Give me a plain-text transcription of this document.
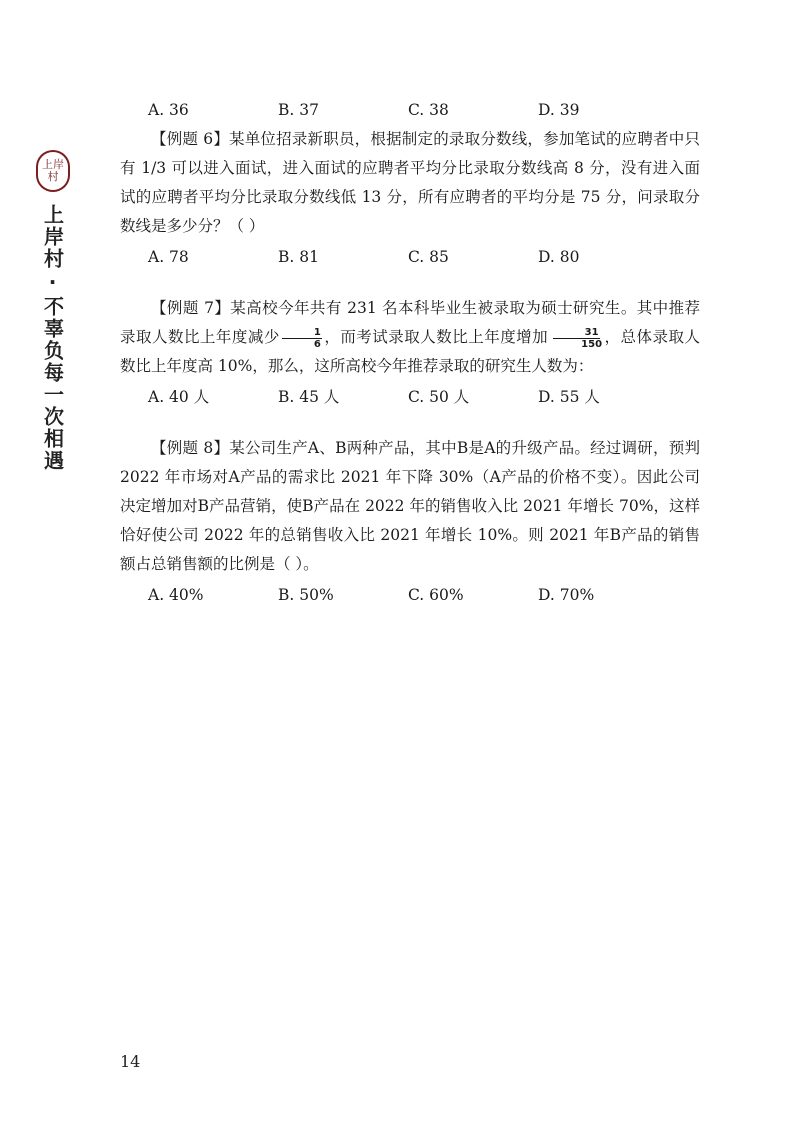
上岸村
上岸村·不辜负每一次相遇
A. 36	B. 37	C. 38	D. 39

【例题 6】某单位招录新职员，根据制定的录取分数线，参加笔试的应聘者中只有 1/3 可以进入面试，进入面试的应聘者平均分比录取分数线高 8 分，没有进入面试的应聘者平均分比录取分数线低 13 分，所有应聘者的平均分是 75 分，问录取分数线是多少分？（ ）

A. 78	B. 81	C. 85	D. 80

【例题 7】某高校今年共有 231 名本科毕业生被录取为硕士研究生。其中推荐录取人数比上年度减少 $\frac{1}{6}$ ，而考试录取人数比上年度增加 $\frac{31}{150}$ ，总体录取人数比上年度高 10%，那么，这所高校今年推荐录取的研究生人数为：

A. 40 人	B. 45 人	C. 50 人	D. 55 人

【例题 8】某公司生产A、B两种产品，其中B是A的升级产品。经过调研，预判 2022 年市场对A产品的需求比 2021 年下降 30%（A产品的价格不变）。因此公司决定增加对B产品营销，使B产品在 2022 年的销售收入比 2021 年增长 70%，这样恰好使公司 2022 年的总销售收入比 2021 年增长 10%。则 2021 年B产品的销售额占总销售额的比例是（ ）。

A. 40%	B. 50%	C. 60%	D. 70%
14
